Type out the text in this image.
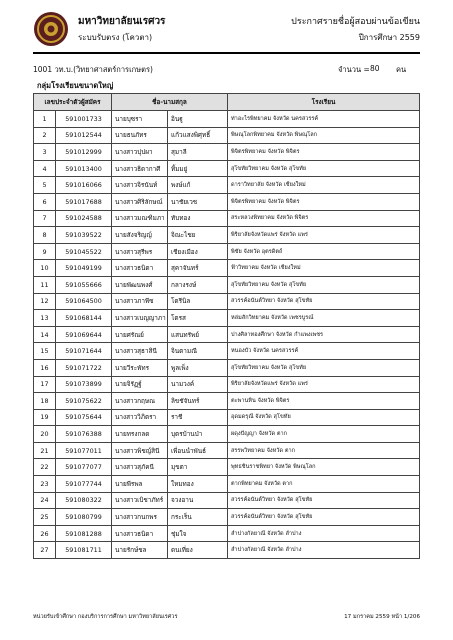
มหาวิทยาลัยนเรศวร
ระบบรับตรง (โควตา)
ประกาศรายชื่อผู้สอบผ่านข้อเขียน
ปีการศึกษา 2559
1001 วท.บ.(วิทยาศาสตร์การเกษตร)	จำนวน = 80 คน
กลุ่มโรงเรียนขนาดใหญ่
เลขประจำตัวผู้สมัคร		ชื่อ-นามสกุล		โรงเรียน
1	591001733	นายบุซรา	อินฐู	ท่าอะไรพิทยาคม จังหวัด นครสวรรค์
2	591012544	นายธนภัทร	แก้วแสงพิศุทธิ์	พิษณุโลกพิทยาคม จังหวัด พิษณุโลก
3	591012999	นางสาวปุปผา	สุมาลี	พิจิตรพิทยาคม จังหวัด พิจิตร
4	591013400	นางสาวธิดากาศี	ทิ้มมยู่	สุโขทัยวิทยาคม จังหวัด สุโขทัย
5	591016066	นางสาวจิรนันท์	พงษ์แก้	ดาราวิทยาลัย จังหวัด เชียงใหม่
6	591017688	นางสาวศิริลักษณ์	นาชัยเวช	พิจิตรพิทยาคม จังหวัด พิจิตร
7	591024588	นางสาวมณฑิมภา	ทับทอง	สระหลวงพิทยาคม จังหวัด พิจิตร
8	591039522	นายสังจริญญ์	จิณะไชย	พิริยาลัยจังหวัดแพร่ จังหวัด แพร่
9	591045522	นางสาวสุรีพร	เชียงเมือง	พิชัย จังหวัด อุตรดิตถ์
10	591049199	นางสาวธนิตา	สุคาจันทร์	ฟ้าวิทยาคม จังหวัด เชียงใหม่
11	591055666	นายพัฒนพงศ์	กลางรงษ์	สุโขทัยวิทยาคม จังหวัด สุโขทัย
12	591064500	นางสาวภาพีซ	โตรีนิล	สวรรค์อนันต์วิทยา จังหวัด สุโขทัย
13	591068144	นางสาวเบญญาภา	โตรส	หล่มสักวิทยาคม จังหวัด เพชรบูรณ์
14	591069644	นายศรัณย์	แสนทรัพย์	ปางศิลาทองศึกษา จังหวัด กำแพงเพชร
15	591071644	นางสาวสุธาสินี	จินตามณี	หนองบัว จังหวัด นครสวรรค์
16	591071722	นายวีระพัทร	พูลเพ็ง	สุโขทัยวิทยาคม จังหวัด สุโขทัย
17	591073899	นายจิรัฏฐ์	นามวงค์	พิริยาลัยจังหวัดแพร่ จังหวัด แพร่
18	591075622	นางสาวกฤษณ	ลิขชัจันทร์	ตะพานหิน จังหวัด พิจิตร
19	591075644	นางสาววิภิตรา	ราชี	อุดมดรุณี จังหวัด สุโขทัย
20	591076388	นายทรงกลด	บุตรบ้านป่า	ผดุงปัญญา จังหวัด ตาก
21	591077011	นางสาวพิชญ์สินี	เพื่อนนำพันธ์	สรรพวิทยาคม จังหวัด ตาก
22	591077077	นางสาวสุภัคนี	มุขตา	พุทธชินราชพิทยา จังหวัด พิษณุโลก
23	591077744	นายพีรพล	ใหมทอง	ตากพิทยาคม จังหวัด ตาก
24	591080322	นางสาวเบิชาภัทร์	จวงอาน	สวรรค์อนันต์วิทยา จังหวัด สุโขทัย
25	591080799	นางสาวกนกพร	กระเร็น	สวรรค์อนันต์วิทยา จังหวัด สุโขทัย
26	591081288	นางสาวธนิดา	ชุ่มใจ	ลำปางกัลยาณี จังหวัด ลำปาง
27	591081711	นายรักษ์ชล	ดนเที่ยง	ลำปางกัลยาณี จังหวัด ลำปาง
หน่วยรับเข้าศึกษา กองบริการการศึกษา มหาวิทยาลัยนเรศวร	17 มกราคม 2559 หน้า 1/206
